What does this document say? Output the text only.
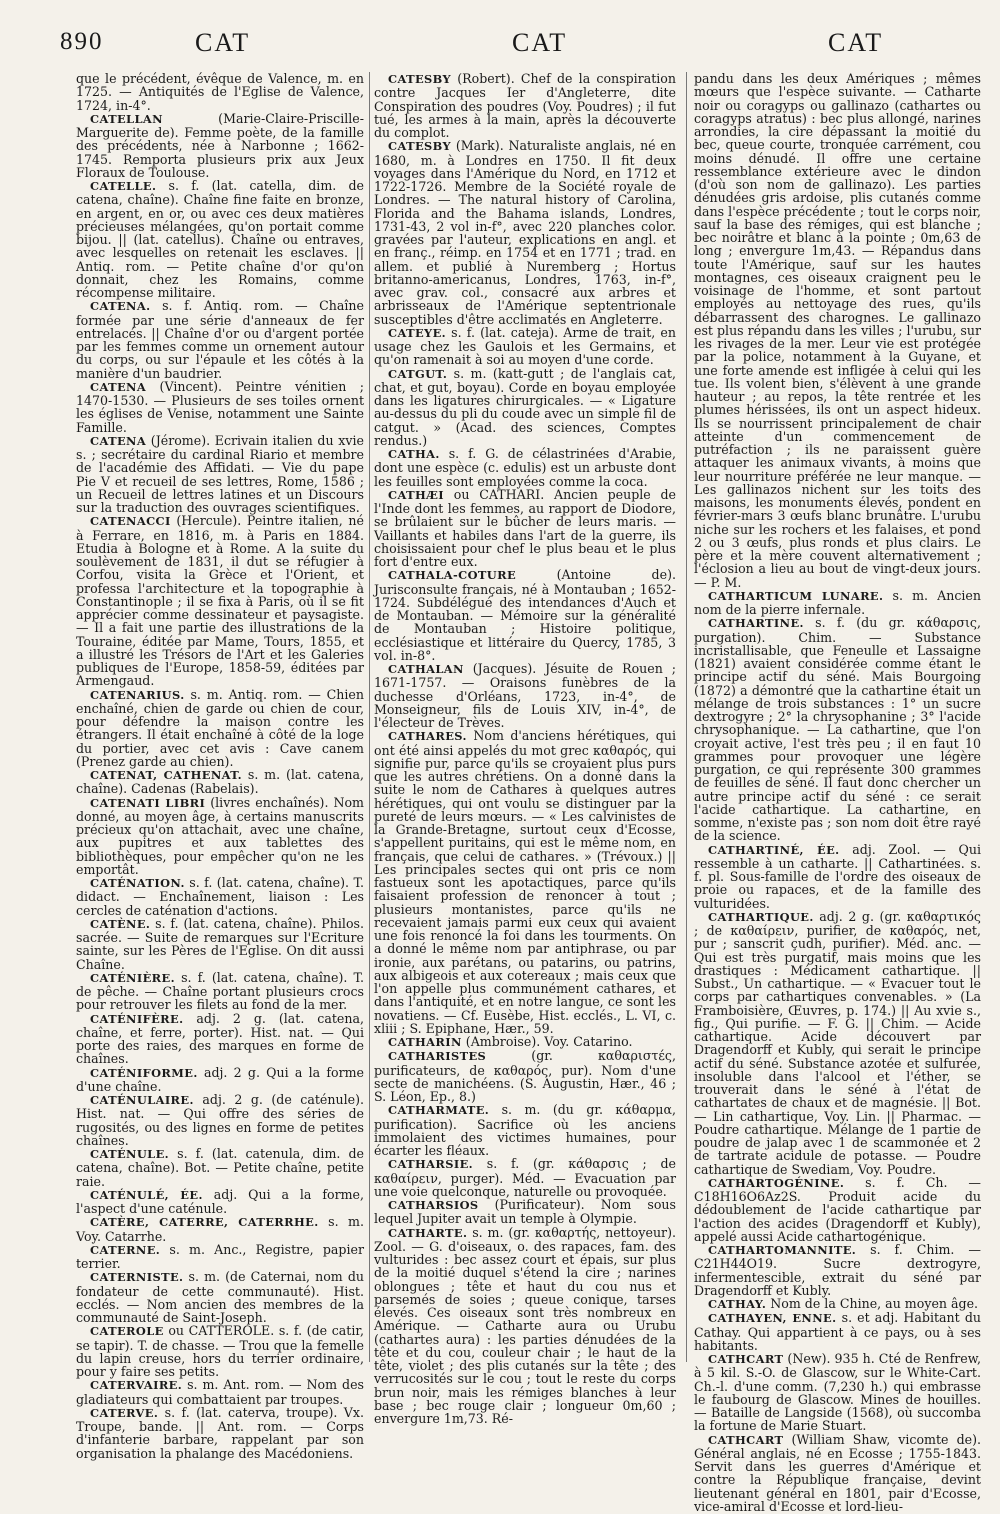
890	CAT	CAT	CAT

que le précédent, évêque de Valence, m. en 1725. — Antiquités de l'Eglise de Valence, 1724, in-4°.

CATELLAN	(Marie-Claire-Priscille-Marguerite de). Femme poète, de la famille des précédents, née à Narbonne ; 1662-1745. Remporta plusieurs prix aux Jeux Floraux de Toulouse.

CATELLE. s. f. (lat. catella, dim. de catena, chaîne). Chaîne fine faite en bronze, en argent, en or, ou avec ces deux matières précieuses mélangées, qu'on portait comme bijou. || (lat. catellus). Chaîne ou entraves, avec lesquelles on retenait les esclaves. || Antiq. rom. — Petite chaîne d'or qu'on donnait, chez les Romains, comme récompense militaire.

CATENA. s. f. Antiq. rom. — Chaîne formée par une série d'anneaux de fer entrelacés. || Chaîne d'or ou d'argent portée par les femmes comme un ornement autour du corps, ou sur l'épaule et les côtés à la manière d'un baudrier.

CATENA (Vincent). Peintre vénitien ; 1470-1530. — Plusieurs de ses toiles ornent les églises de Venise, notamment une Sainte Famille.

CATENA (Jérome). Ecrivain italien du xvie s. ; secrétaire du cardinal Riario et membre de l'académie des Affidati. — Vie du pape Pie V et recueil de ses lettres, Rome, 1586 ; un Recueil de lettres latines et un Discours sur la traduction des ouvrages scientifiques.

CATENACCI (Hercule). Peintre italien, né à Ferrare, en 1816, m. à Paris en 1884. Etudia à Bologne et à Rome. A la suite du soulèvement de 1831, il dut se réfugier à Corfou, visita la Grèce et l'Orient, et professa l'architecture et la topographie à Constantinople ; il se fixa à Paris, où il se fit apprécier comme dessinateur et paysagiste. — Il a fait une partie des illustrations de la Touraine, éditée par Mame, Tours, 1855, et a illustré les Trésors de l'Art et les Galeries publiques de l'Europe, 1858-59, éditées par Armengaud.

CATENARIUS. s. m. Antiq. rom. — Chien enchaîné, chien de garde ou chien de cour, pour défendre la maison contre les étrangers. Il était enchaîné à côté de la loge du portier, avec cet avis : Cave canem (Prenez garde au chien).

CATENAT, CATHENAT. s. m. (lat. catena, chaîne). Cadenas (Rabelais).

CATENATI LIBRI (livres enchaînés). Nom donné, au moyen âge, à certains manuscrits précieux qu'on attachait, avec une chaîne, aux pupitres et aux tablettes des bibliothèques, pour empêcher qu'on ne les emportât.

CATÉNATION. s. f. (lat. catena, chaîne). T. didact. — Enchaînement, liaison : Les cercles de caténation d'actions.

CATÈNE. s. f. (lat. catena, chaîne). Philos. sacrée. — Suite de remarques sur l'Ecriture sainte, sur les Pères de l'Eglise. On dit aussi Chaîne.

CATÉNIÈRE. s. f. (lat. catena, chaîne). T. de pêche. — Chaîne portant plusieurs crocs pour retrouver les filets au fond de la mer.

CATÉNIFÈRE. adj. 2 g. (lat. catena, chaîne, et ferre, porter). Hist. nat. — Qui porte des raies, des marques en forme de chaînes.

CATÉNIFORME. adj. 2 g. Qui a la forme d'une chaîne.

CATÉNULAIRE. adj. 2 g. (de caténule). Hist. nat. — Qui offre des séries de rugosités, ou des lignes en forme de petites chaînes.

CATÉNULE. s. f. (lat. catenula, dim. de catena, chaîne). Bot. — Petite chaîne, petite raie.

CATÉNULÉ, ÉE. adj. Qui a la forme, l'aspect d'une caténule.

CATÈRE, CATERRE, CATERRHE. s. m. Voy. Catarrhe.

CATERNE. s. m. Anc., Registre, papier terrier.

CATERNISTE. s. m. (de Caternai, nom du fondateur de cette communauté). Hist. ecclés. — Nom ancien des membres de la communauté de Saint-Joseph.

CATEROLE ou CATTEROLE. s. f. (de catir, se tapir). T. de chasse. — Trou que la femelle du lapin creuse, hors du terrier ordinaire, pour y faire ses petits.

CATERVAIRE. s. m. Ant. rom. — Nom des gladiateurs qui combattaient par troupes.

CATERVE. s. f. (lat. caterva, troupe). Vx. Troupe, bande. || Ant. rom. — Corps d'infanterie barbare, rappelant par son organisation la phalange des Macédoniens.

CATESBY (Robert). Chef de la conspiration contre Jacques Ier d'Angleterre, dite Conspiration des poudres (Voy. Poudres) ; il fut tué, les armes à la main, après la découverte du complot.

CATESBY (Mark). Naturaliste anglais, né en 1680, m. à Londres en 1750. Il fit deux voyages dans l'Amérique du Nord, en 1712 et 1722-1726. Membre de la Société royale de Londres. — The natural history of Carolina, Florida and the Bahama islands, Londres, 1731-43, 2 vol in-f°, avec 220 planches color. gravées par l'auteur, explications en angl. et en franç., réimp. en 1754 et en 1771 ; trad. en allem. et publié à Nuremberg ; Hortus britanno-americanus, Londres, 1763, in-f°, avec grav. col., consacré aux arbres et arbrisseaux de l'Amérique septentrionale susceptibles d'être acclimatés en Angleterre.

CATEYE. s. f. (lat. cateja). Arme de trait, en usage chez les Gaulois et les Germains, et qu'on ramenait à soi au moyen d'une corde.

CATGUT. s. m. (katt-gutt ; de l'anglais cat, chat, et gut, boyau). Corde en boyau employée dans les ligatures chirurgicales. — « Ligature au-dessus du pli du coude avec un simple fil de catgut. » (Acad. des sciences, Comptes rendus.)

CATHA. s. f. G. de célastrinées d'Arabie, dont une espèce (c. edulis) est un arbuste dont les feuilles sont employées comme la coca.

CATHÆI ou CATHARI. Ancien peuple de l'Inde dont les femmes, au rapport de Diodore, se brûlaient sur le bûcher de leurs maris. — Vaillants et habiles dans l'art de la guerre, ils choisissaient pour chef le plus beau et le plus fort d'entre eux.

CATHALA-COTURE	(Antoine de). Jurisconsulte français, né à Montauban ; 1652-1724. Subdélégué des intendances d'Auch et de Montauban. — Mémoire sur la généralité de Montauban ; Histoire politique, ecclésiastique et littéraire du Quercy, 1785, 3 vol. in-8°.

CATHALAN (Jacques). Jésuite de Rouen ; 1671-1757. — Oraisons funèbres de la duchesse d'Orléans, 1723, in-4°, de Monseigneur, fils de Louis XIV, in-4°, de l'électeur de Trèves.

CATHARES. Nom d'anciens hérétiques, qui ont été ainsi appelés du mot grec καθαρός, qui signifie pur, parce qu'ils se croyaient plus purs que les autres chrétiens. On a donné dans la suite le nom de Cathares à quelques autres hérétiques, qui ont voulu se distinguer par la pureté de leurs mœurs. — « Les calvinistes de la Grande-Bretagne, surtout ceux d'Ecosse, s'appellent puritains, qui est le même nom, en français, que celui de cathares. » (Trévoux.) || Les principales sectes qui ont pris ce nom fastueux sont les apotactiques, parce qu'ils faisaient profession de renoncer à tout ; plusieurs montanistes, parce qu'ils ne recevaient jamais parmi eux ceux qui avaient une fois renoncé la foi dans les tourments. On a donné le même nom par antiphrase, ou par ironie, aux parétans, ou patarins, ou patrins, aux albigeois et aux cotereaux ; mais ceux que l'on appelle plus communément cathares, et dans l'antiquité, et en notre langue, ce sont les novatiens. — Cf. Eusèbe, Hist. ecclés., L. VI, c. xliii ; S. Epiphane, Hær., 59.

CATHARIN (Ambroise). Voy. Catarino.

CATHARISTES	(gr. καθαριστές, purificateurs, de καθαρός, pur). Nom d'une secte de manichéens. (S. Augustin, Hær., 46 ; S. Léon, Ep., 8.)

CATHARMATE. s. m. (du gr. κάθαρμα, purification). Sacrifice où les anciens immolaient des victimes humaines, pour écarter les fléaux.

CATHARSIE. s. f. (gr. κάθαρσις ; de καθαίρειν, purger). Méd. — Evacuation par une voie quelconque, naturelle ou provoquée.

CATHARSIOS (Purificateur). Nom sous lequel Jupiter avait un temple à Olympie.

CATHARTE. s. m. (gr. καθαρτής, nettoyeur). Zool. — G. d'oiseaux, o. des rapaces, fam. des vulturides : bec assez court et épais, sur plus de la moitié duquel s'étend la cire ; narines oblongues ; tête et haut du cou nus et parsemés de soies ; queue conique, tarses élevés. Ces oiseaux sont très nombreux en Amérique. — Catharte aura ou Urubu (cathartes aura) : les parties dénudées de la tête et du cou, couleur chair ; le haut de la tête, violet ; des plis cutanés sur la tête ; des verrucosités sur le cou ; tout le reste du corps brun noir, mais les rémiges blanches à leur base ; bec rouge clair ; longueur 0m,60 ; envergure 1m,73. Ré-

pandu dans les deux Amériques ; mêmes mœurs que l'espèce suivante. — Catharte noir ou coragyps ou gallinazo (cathartes ou coragyps atratus) : bec plus allongé, narines arrondies, la cire dépassant la moitié du bec, queue courte, tronquée carrément, cou moins dénudé. Il offre une certaine ressemblance extérieure avec le dindon (d'où son nom de gallinazo). Les parties dénudées gris ardoise, plis cutanés comme dans l'espèce précédente ; tout le corps noir, sauf la base des rémiges, qui est blanche ; bec noirâtre et blanc à la pointe ; 0m,63 de long ; envergure 1m,43. — Répandus dans toute l'Amérique, sauf sur les hautes montagnes, ces oiseaux craignent peu le voisinage de l'homme, et sont partout employés au nettoyage des rues, qu'ils débarrassent des charognes. Le gallinazo est plus répandu dans les villes ; l'urubu, sur les rivages de la mer. Leur vie est protégée par la police, notamment à la Guyane, et une forte amende est infligée à celui qui les tue. Ils volent bien, s'élèvent à une grande hauteur ; au repos, la tête rentrée et les plumes hérissées, ils ont un aspect hideux. Ils se nourrissent principalement de chair atteinte d'un commencement de putréfaction ; ils ne paraissent guère attaquer les animaux vivants, à moins que leur nourriture préférée ne leur manque. — Les gallinazos nichent sur les toits des maisons, les monuments élevés, pondent en février-mars 3 œufs blanc brunâtre. L'urubu niche sur les rochers et les falaises, et pond 2 ou 3 œufs, plus ronds et plus clairs. Le père et la mère couvent alternativement ; l'éclosion a lieu au bout de vingt-deux jours. — P. M.

CATHARTICUM LUNARE. s. m. Ancien nom de la pierre infernale.

CATHARTINE. s. f. (du gr. κάθαρσις, purgation). Chim. — Substance incristallisable, que Feneulle et Lassaigne (1821) avaient considérée comme étant le principe actif du séné. Mais Bourgoing (1872) a démontré que la cathartine était un mélange de trois substances : 1° un sucre dextrogyre ; 2° la chrysophanine ; 3° l'acide chrysophanique. — La cathartine, que l'on croyait active, l'est très peu ; il en faut 10 grammes pour provoquer une légère purgation, ce qui représente 300 grammes de feuilles de séné. Il faut donc chercher un autre principe actif du séné : ce serait l'acide cathartique. La cathartine, en somme, n'existe pas ; son nom doit être rayé de la science.

CATHARTINÉ, ÉE. adj. Zool. — Qui ressemble à un catharte. || Cathartinées. s. f. pl. Sous-famille de l'ordre des oiseaux de proie ou rapaces, et de la famille des vulturidées.

CATHARTIQUE. adj. 2 g. (gr. καθαρτικός ; de καθαίρειν, purifier, de καθαρός, net, pur ; sanscrit çudh, purifier). Méd. anc. — Qui est très purgatif, mais moins que les drastiques : Médicament cathartique. || Subst., Un cathartique. — « Evacuer tout le corps par cathartiques convenables. » (La Framboisière, Œuvres, p. 174.) || Au xvie s., fig., Qui purifie. — F. G. || Chim. — Acide cathartique. Acide découvert par Dragendorff et Kubly, qui serait le principe actif du séné. Substance azotée et sulfurée, insoluble dans l'alcool et l'éther, se trouverait dans le séné à l'état de cathartates de chaux et de magnésie. || Bot. — Lin cathartique, Voy. Lin. || Pharmac. — Poudre cathartique. Mélange de 1 partie de poudre de jalap avec 1 de scammonée et 2 de tartrate acidule de potasse. — Poudre cathartique de Swediam, Voy. Poudre.

CATHARTOGÉNINE. s. f. Ch. — C18H16O6Az2S. Produit acide du dédoublement de l'acide cathartique par l'action des acides (Dragendorff et Kubly), appelé aussi Acide cathartogénique.

CATHARTOMANNITE. s. f. Chim. — C21H44O19. Sucre dextrogyre, infermentescible, extrait du séné par Dragendorff et Kubly.

CATHAY. Nom de la Chine, au moyen âge.

CATHAYEN, ENNE. s. et adj. Habitant du Cathay. Qui appartient à ce pays, ou à ses habitants.

CATHCART (New). 935 h. Cté de Renfrew, à 5 kil. S.-O. de Glascow, sur le White-Cart. Ch.-l. d'une comm. (7,230 h.) qui embrasse le faubourg de Glascow. Mines de houilles. — Bataille de Langside (1568), où succomba la fortune de Marie Stuart.

CATHCART (William Shaw, vicomte de). Général anglais, né en Ecosse ; 1755-1843. Servit dans les guerres d'Amérique et contre la République française, devint lieutenant général en 1801, pair d'Ecosse, vice-amiral d'Ecosse et lord-lieu-
